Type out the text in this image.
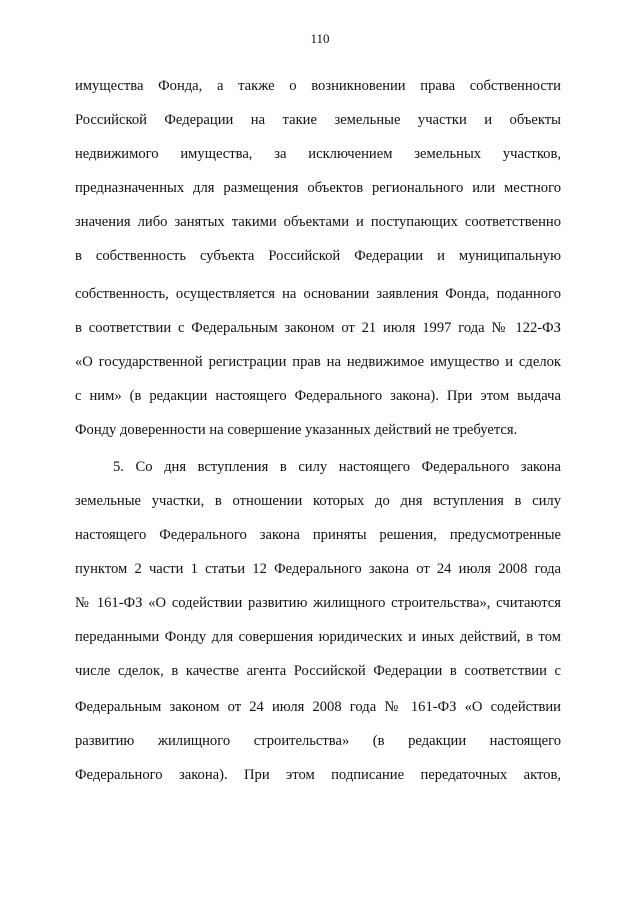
110
имущества Фонда, а также о возникновении права собственности
Российской Федерации на такие земельные участки и объекты
недвижимого имущества, за исключением земельных участков,
предназначенных для размещения объектов регионального или местного
значения либо занятых такими объектами и поступающих соответственно
в собственность субъекта Российской Федерации и муниципальную
собственность, осуществляется на основании заявления Фонда, поданного
в соответствии с Федеральным законом от 21 июля 1997 года № 122-ФЗ
«О государственной регистрации прав на недвижимое имущество и сделок
с ним» (в редакции настоящего Федерального закона). При этом выдача
Фонду доверенности на совершение указанных действий не требуется.
5. Со дня вступления в силу настоящего Федерального закона
земельные участки, в отношении которых до дня вступления в силу
настоящего Федерального закона приняты решения, предусмотренные
пунктом 2 части 1 статьи 12 Федерального закона от 24 июля 2008 года
№ 161-ФЗ «О содействии развитию жилищного строительства», считаются
переданными Фонду для совершения юридических и иных действий, в том
числе сделок, в качестве агента Российской Федерации в соответствии с
Федеральным законом от 24 июля 2008 года № 161-ФЗ «О содействии
развитию жилищного строительства» (в редакции настоящего
Федерального закона). При этом подписание передаточных актов,
